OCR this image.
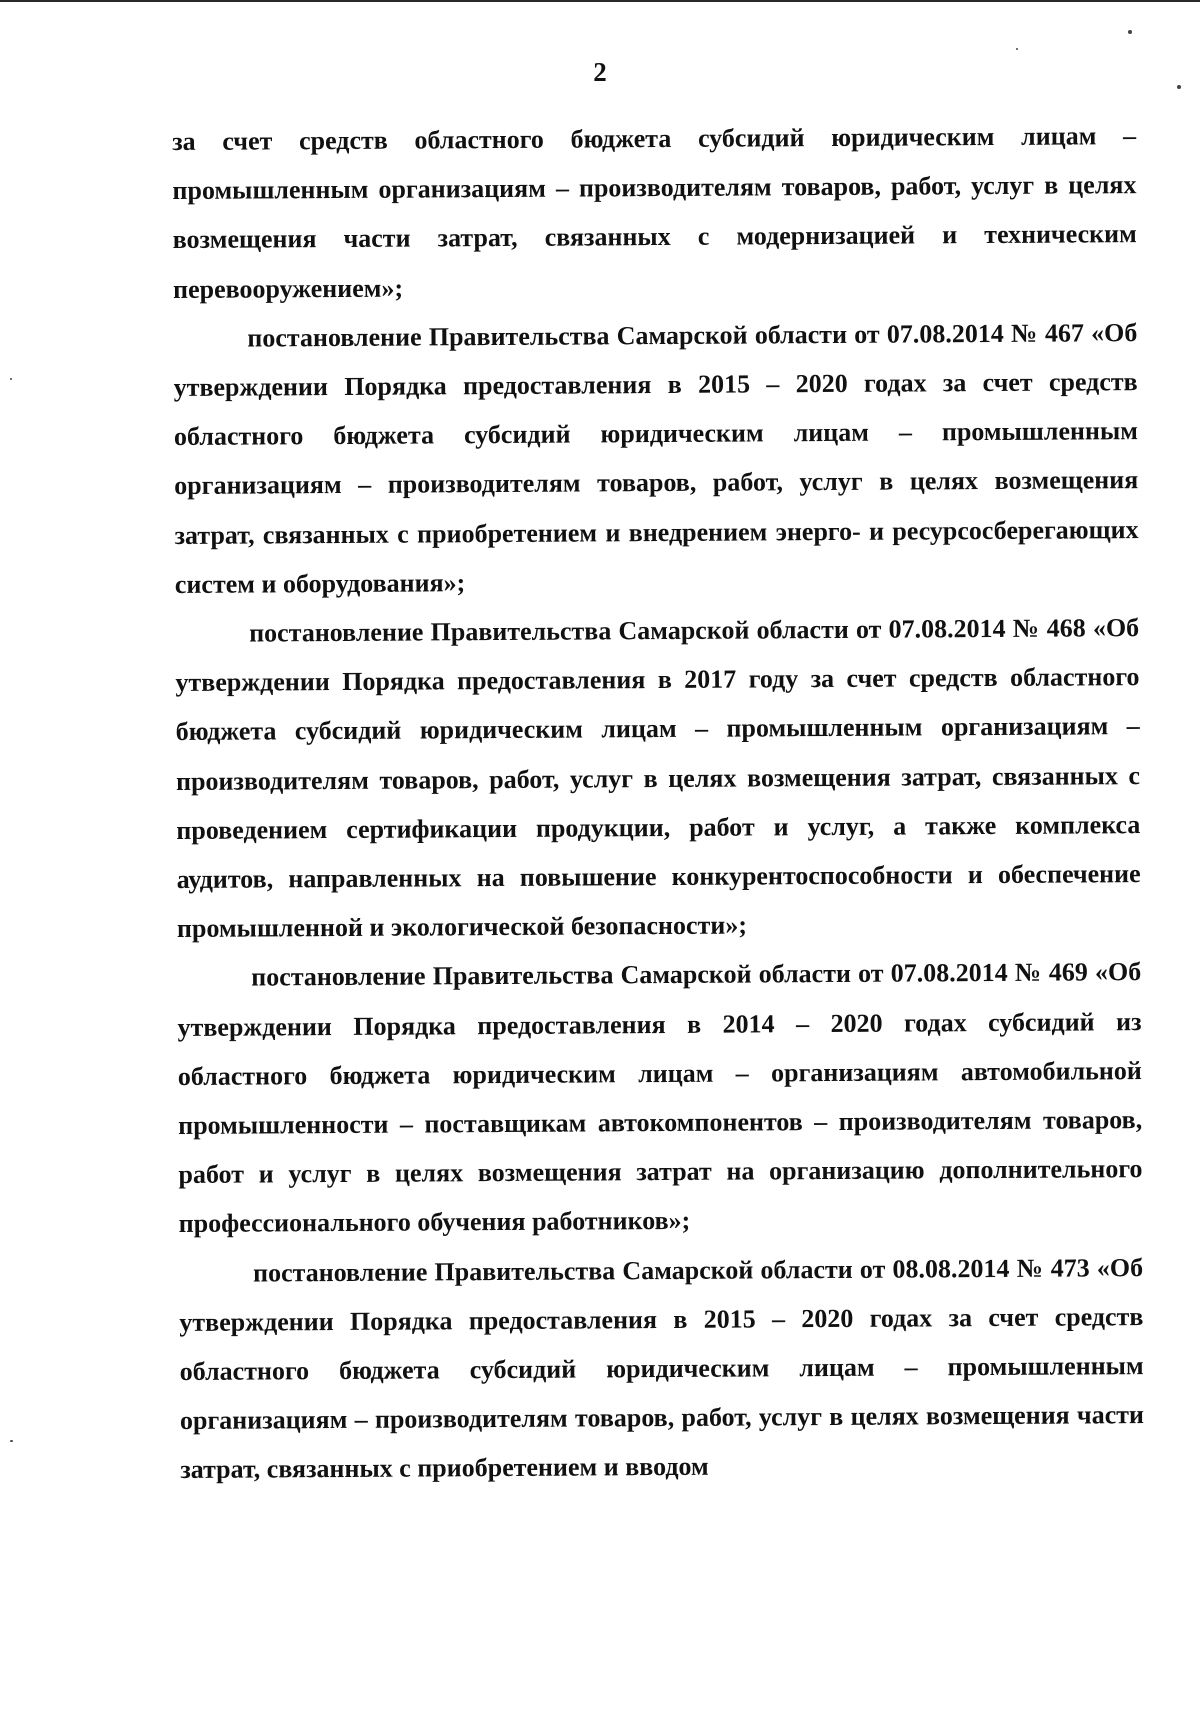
2

за счет средств областного бюджета субсидий юридическим лицам – промышленным организациям – производителям товаров, работ, услуг в целях возмещения части затрат, связанных с модернизацией и техническим перевооружением»;

постановление Правительства Самарской области от 07.08.2014 № 467 «Об утверждении Порядка предоставления в 2015 – 2020 годах за счет средств областного бюджета субсидий юридическим лицам – промышленным организациям – производителям товаров, работ, услуг в целях возмещения затрат, связанных с приобретением и внедрением энерго- и ресурсосберегающих систем и оборудования»;

постановление Правительства Самарской области от 07.08.2014 № 468 «Об утверждении Порядка предоставления в 2017 году за счет средств областного бюджета субсидий юридическим лицам – промышленным организациям – производителям товаров, работ, услуг в целях возмещения затрат, связанных с проведением сертификации продукции, работ и услуг, а также комплекса аудитов, направленных на повышение конкурентоспособности и обеспечение промышленной и экологической безопасности»;

постановление Правительства Самарской области от 07.08.2014 № 469 «Об утверждении Порядка предоставления в 2014 – 2020 годах субсидий из областного бюджета юридическим лицам – организациям автомобильной промышленности – поставщикам автокомпонентов – производителям товаров, работ и услуг в целях возмещения затрат на организацию дополнительного профессионального обучения работников»;

постановление Правительства Самарской области от 08.08.2014 № 473 «Об утверждении Порядка предоставления в 2015 – 2020 годах за счет средств областного бюджета субсидий юридическим лицам – промышленным организациям – производителям товаров, работ, услуг в целях возмещения части затрат, связанных с приобретением и вводом
